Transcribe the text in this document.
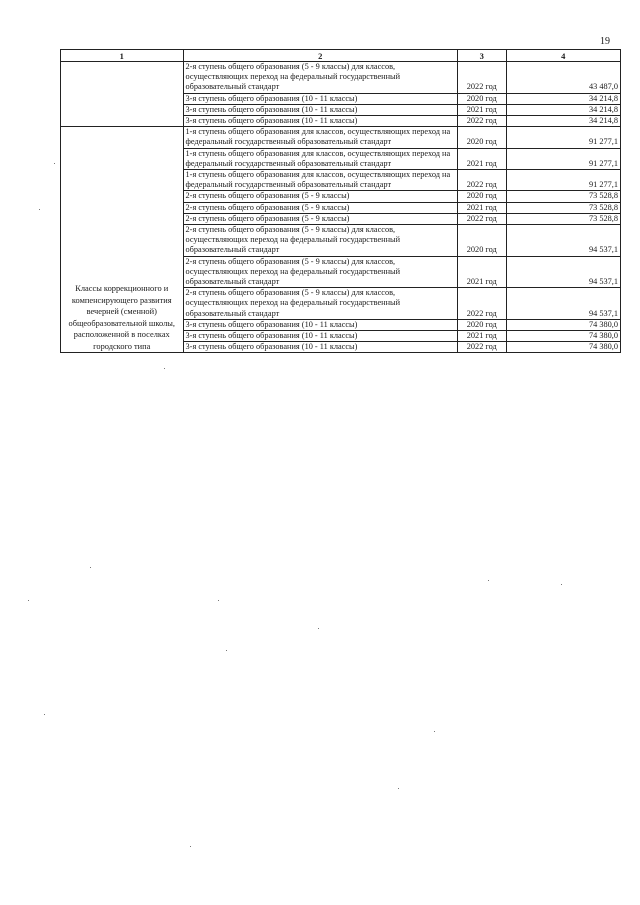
19
1	2	3	4
	2-я ступень общего образования (5 - 9 классы) для классов, осуществляющих переход на федеральный государственный образовательный стандарт	2022 год	43 487,0
	3-я ступень общего образования (10 - 11 классы)	2020 год	34 214,8
	3-я ступень общего образования (10 - 11 классы)	2021 год	34 214,8
	3-я ступень общего образования (10 - 11 классы)	2022 год	34 214,8
Классы коррекционного и компенсирующего развития вечерней (сменной) общеобразовательной школы, расположенной в поселках городского типа	1-я ступень общего образования для классов, осуществляющих переход на федеральный государственный образовательный стандарт	2020 год	91 277,1
	1-я ступень общего образования для классов, осуществляющих переход на федеральный государственный образовательный стандарт	2021 год	91 277,1
	1-я ступень общего образования для классов, осуществляющих переход на федеральный государственный образовательный стандарт	2022 год	91 277,1
	2-я ступень общего образования (5 - 9 классы)	2020 год	73 528,8
	2-я ступень общего образования (5 - 9 классы)	2021 год	73 528,8
	2-я ступень общего образования (5 - 9 классы)	2022 год	73 528,8
	2-я ступень общего образования (5 - 9 классы) для классов, осуществляющих переход на федеральный государственный образовательный стандарт	2020 год	94 537,1
	2-я ступень общего образования (5 - 9 классы) для классов, осуществляющих переход на федеральный государственный образовательный стандарт	2021 год	94 537,1
	2-я ступень общего образования (5 - 9 классы) для классов, осуществляющих переход на федеральный государственный образовательный стандарт	2022 год	94 537,1
	3-я ступень общего образования (10 - 11 классы)	2020 год	74 380,0
	3-я ступень общего образования (10 - 11 классы)	2021 год	74 380,0
	3-я ступень общего образования (10 - 11 классы)	2022 год	74 380,0
